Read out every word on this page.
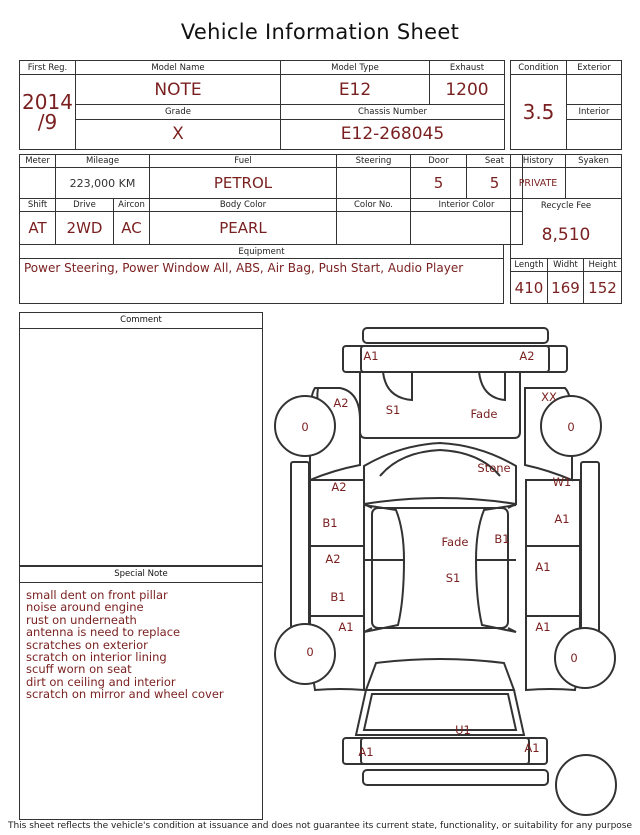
Vehicle Information Sheet
First Reg.	Model Name	Model Type	Exhaust

2014
/9	NOTE	E12	1200
	Grade	Chassis Number	
	X	E12-268045	
Condition	Exterior
3.5	
	Interior

Meter	Mileage		Fuel	Steering	Door	Seat
	223,000 KM		PETROL		5	5
Shift	Drive	Aircon	Body Color	Color No.	Interior Color	
AT	2WD	AC	PEARL			
Equipment
Power Steering, Power Window All, ABS, Air Bag, Push Start, Audio Player
History		Syaken	
PRIVATE			
Recycle Fee			
8,510			
Length	Widht		Height
410	169		152
Comment
Special Note
small dent on front pillar
noise around engine
rust on underneath
antenna is need to replace
scratches on exterior
scratch on interior lining
scuff worn on seat
dirt on ceiling and interior
scratch on mirror and wheel cover
A1	A2
A2	S1	Fade
XX
0	0
Stone
A2
B1
W1
A1
Fade B1
A2
B1
A1
S1
A1	A1
0	0
U1
A1	A1
This sheet reflects the vehicle's condition at issuance and does not guarantee its current state, functionality, or suitability for any purpose
